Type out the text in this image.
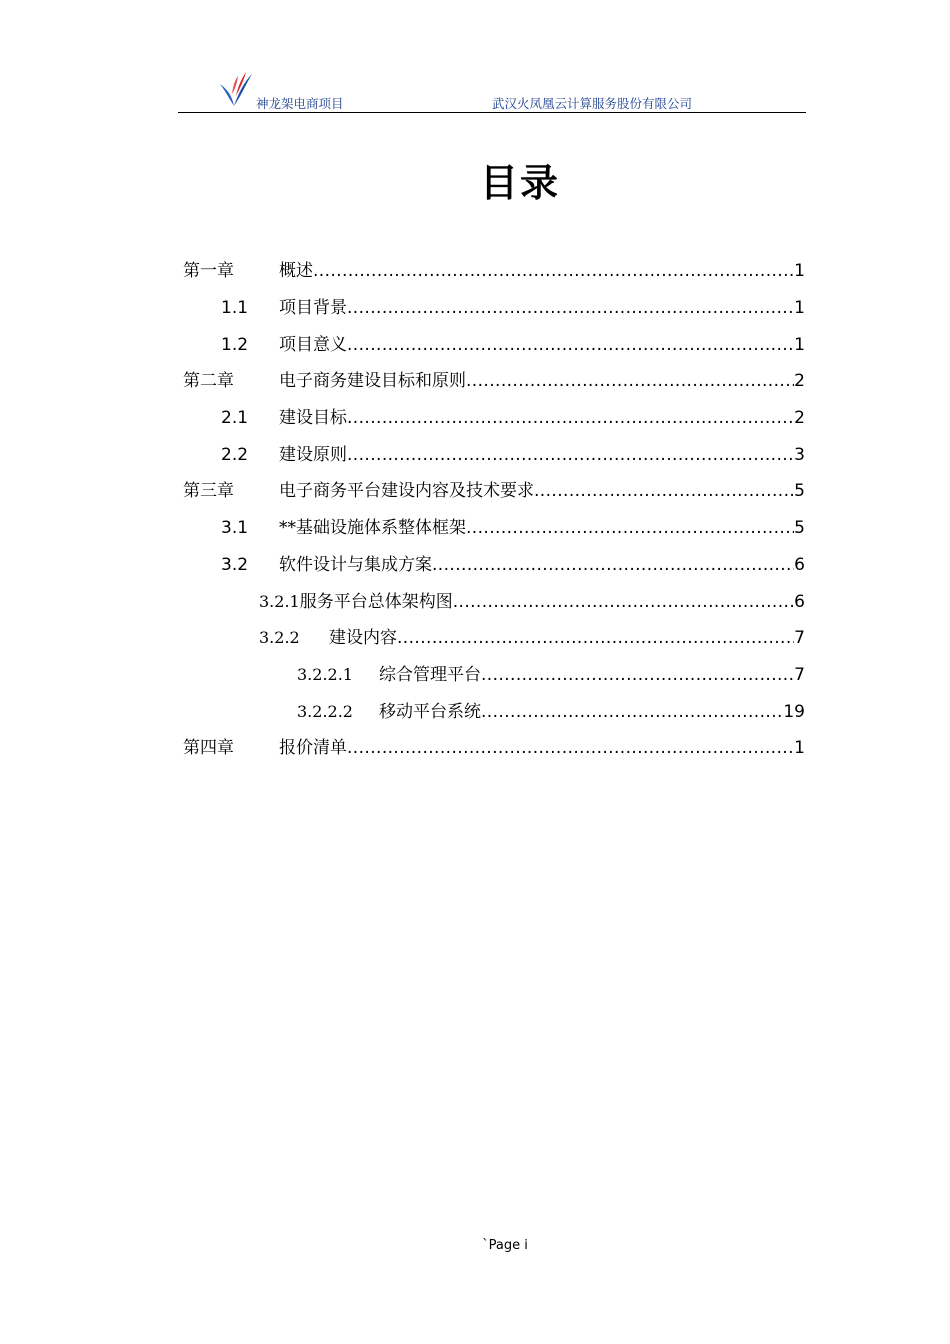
神龙架电商项目	武汉火凤凰云计算服务股份有限公司
目录
第一章	概述 .....	1
1.1	项目背景 .....	1
1.2	项目意义 .....	1
第二章	电子商务建设目标和原则 .....	2
2.1	建设目标 .....	2
2.2	建设原则 .....	3
第三章	电子商务平台建设内容及技术要求 .....	5
3.1	**基础设施体系整体框架 .....	5
3.2	软件设计与集成方案 .....	6
3.2.1 服务平台总体架构图 .....	6
3.2.2	建设内容 .....	7
3.2.2.1	综合管理平台 .....	7
3.2.2.2	移动平台系统 .....	19
第四章	报价清单 .....	1
`Page i
